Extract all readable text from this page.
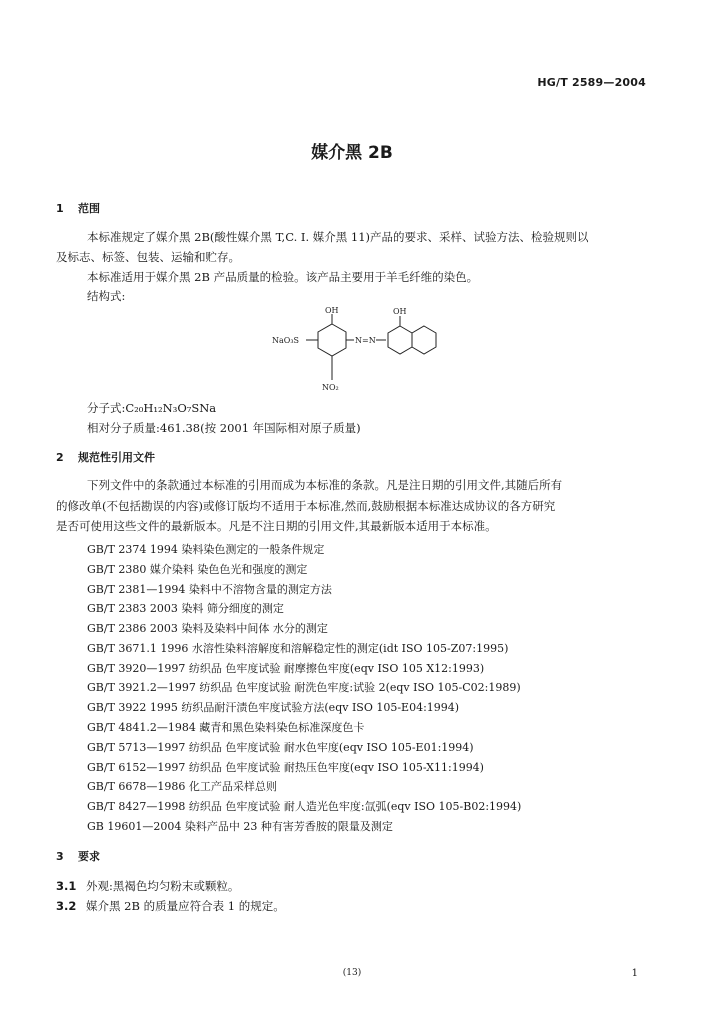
HG/T 2589—2004
媒介黑 2B
1 范围
本标准规定了媒介黑 2B(酸性媒介黑 T,C. I. 媒介黑 11)产品的要求、采样、试验方法、检验规则以
及标志、标签、包装、运输和贮存。
本标准适用于媒介黑 2B 产品质量的检验。该产品主要用于羊毛纤维的染色。
结构式:
OH
NaO₃S	N=N
NO₂
OH
分子式:C₂₀H₁₂N₃O₇SNa
相对分子质量:461.38(按 2001 年国际相对原子质量)
2 规范性引用文件
下列文件中的条款通过本标准的引用而成为本标准的条款。凡是注日期的引用文件,其随后所有
的修改单(不包括勘误的内容)或修订版均不适用于本标准,然而,鼓励根据本标准达成协议的各方研究
是否可使用这些文件的最新版本。凡是不注日期的引用文件,其最新版本适用于本标准。
GB/T 2374 1994 染料染色测定的一般条件规定
GB/T 2380 媒介染料 染色色光和强度的测定
GB/T 2381—1994 染料中不溶物含量的测定方法
GB/T 2383 2003 染料 筛分细度的测定
GB/T 2386 2003 染料及染料中间体 水分的测定
GB/T 3671.1 1996 水溶性染料溶解度和溶解稳定性的测定(idt ISO 105-Z07:1995)
GB/T 3920—1997 纺织品 色牢度试验 耐摩擦色牢度(eqv ISO 105 X12:1993)
GB/T 3921.2—1997 纺织品 色牢度试验 耐洗色牢度:试验 2(eqv ISO 105-C02:1989)
GB/T 3922 1995 纺织品耐汗渍色牢度试验方法(eqv ISO 105-E04:1994)
GB/T 4841.2—1984 藏青和黑色染料染色标准深度色卡
GB/T 5713—1997 纺织品 色牢度试验 耐水色牢度(eqv ISO 105-E01:1994)
GB/T 6152—1997 纺织品 色牢度试验 耐热压色牢度(eqv ISO 105-X11:1994)
GB/T 6678—1986 化工产品采样总则
GB/T 8427—1998 纺织品 色牢度试验 耐人造光色牢度:氙弧(eqv ISO 105-B02:1994)
GB 19601—2004 染料产品中 23 种有害芳香胺的限量及测定
3 要求
3.1 外观:黑褐色均匀粉末或颗粒。
3.2 媒介黑 2B 的质量应符合表 1 的规定。
(13)	1
